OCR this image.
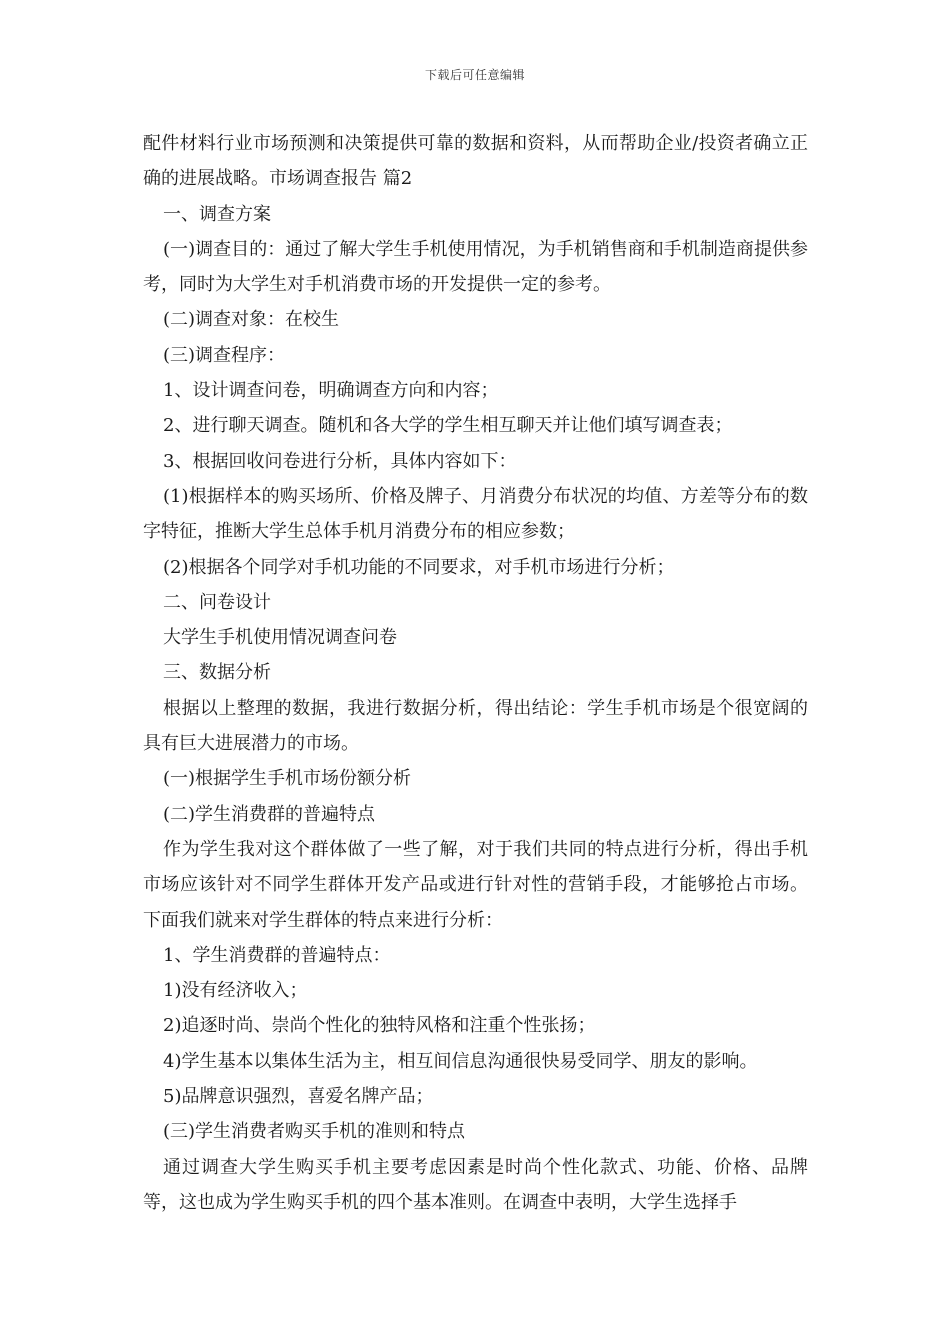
下载后可任意编辑

配件材料行业市场预测和决策提供可靠的数据和资料，从而帮助企业/投资者确立正确的进展战略。市场调查报告 篇2

一、调查方案

(一)调查目的：通过了解大学生手机使用情况，为手机销售商和手机制造商提供参考，同时为大学生对手机消费市场的开发提供一定的参考。

(二)调查对象：在校生

(三)调查程序：

1、设计调查问卷，明确调查方向和内容；

2、进行聊天调查。随机和各大学的学生相互聊天并让他们填写调查表；

3、根据回收问卷进行分析，具体内容如下：

(1)根据样本的购买场所、价格及牌子、月消费分布状况的均值、方差等分布的数字特征，推断大学生总体手机月消费分布的相应参数；

(2)根据各个同学对手机功能的不同要求，对手机市场进行分析；

二、问卷设计

大学生手机使用情况调查问卷

三、数据分析

根据以上整理的数据，我进行数据分析，得出结论：学生手机市场是个很宽阔的具有巨大进展潜力的市场。

(一)根据学生手机市场份额分析

(二)学生消费群的普遍特点

作为学生我对这个群体做了一些了解，对于我们共同的特点进行分析，得出手机市场应该针对不同学生群体开发产品或进行针对性的营销手段，才能够抢占市场。下面我们就来对学生群体的特点来进行分析：

1、学生消费群的普遍特点：

1)没有经济收入；

2)追逐时尚、崇尚个性化的独特风格和注重个性张扬；

4)学生基本以集体生活为主，相互间信息沟通很快易受同学、朋友的影响。

5)品牌意识强烈，喜爱名牌产品；

(三)学生消费者购买手机的准则和特点

通过调查大学生购买手机主要考虑因素是时尚个性化款式、功能、价格、品牌等，这也成为学生购买手机的四个基本准则。在调查中表明，大学生选择手
